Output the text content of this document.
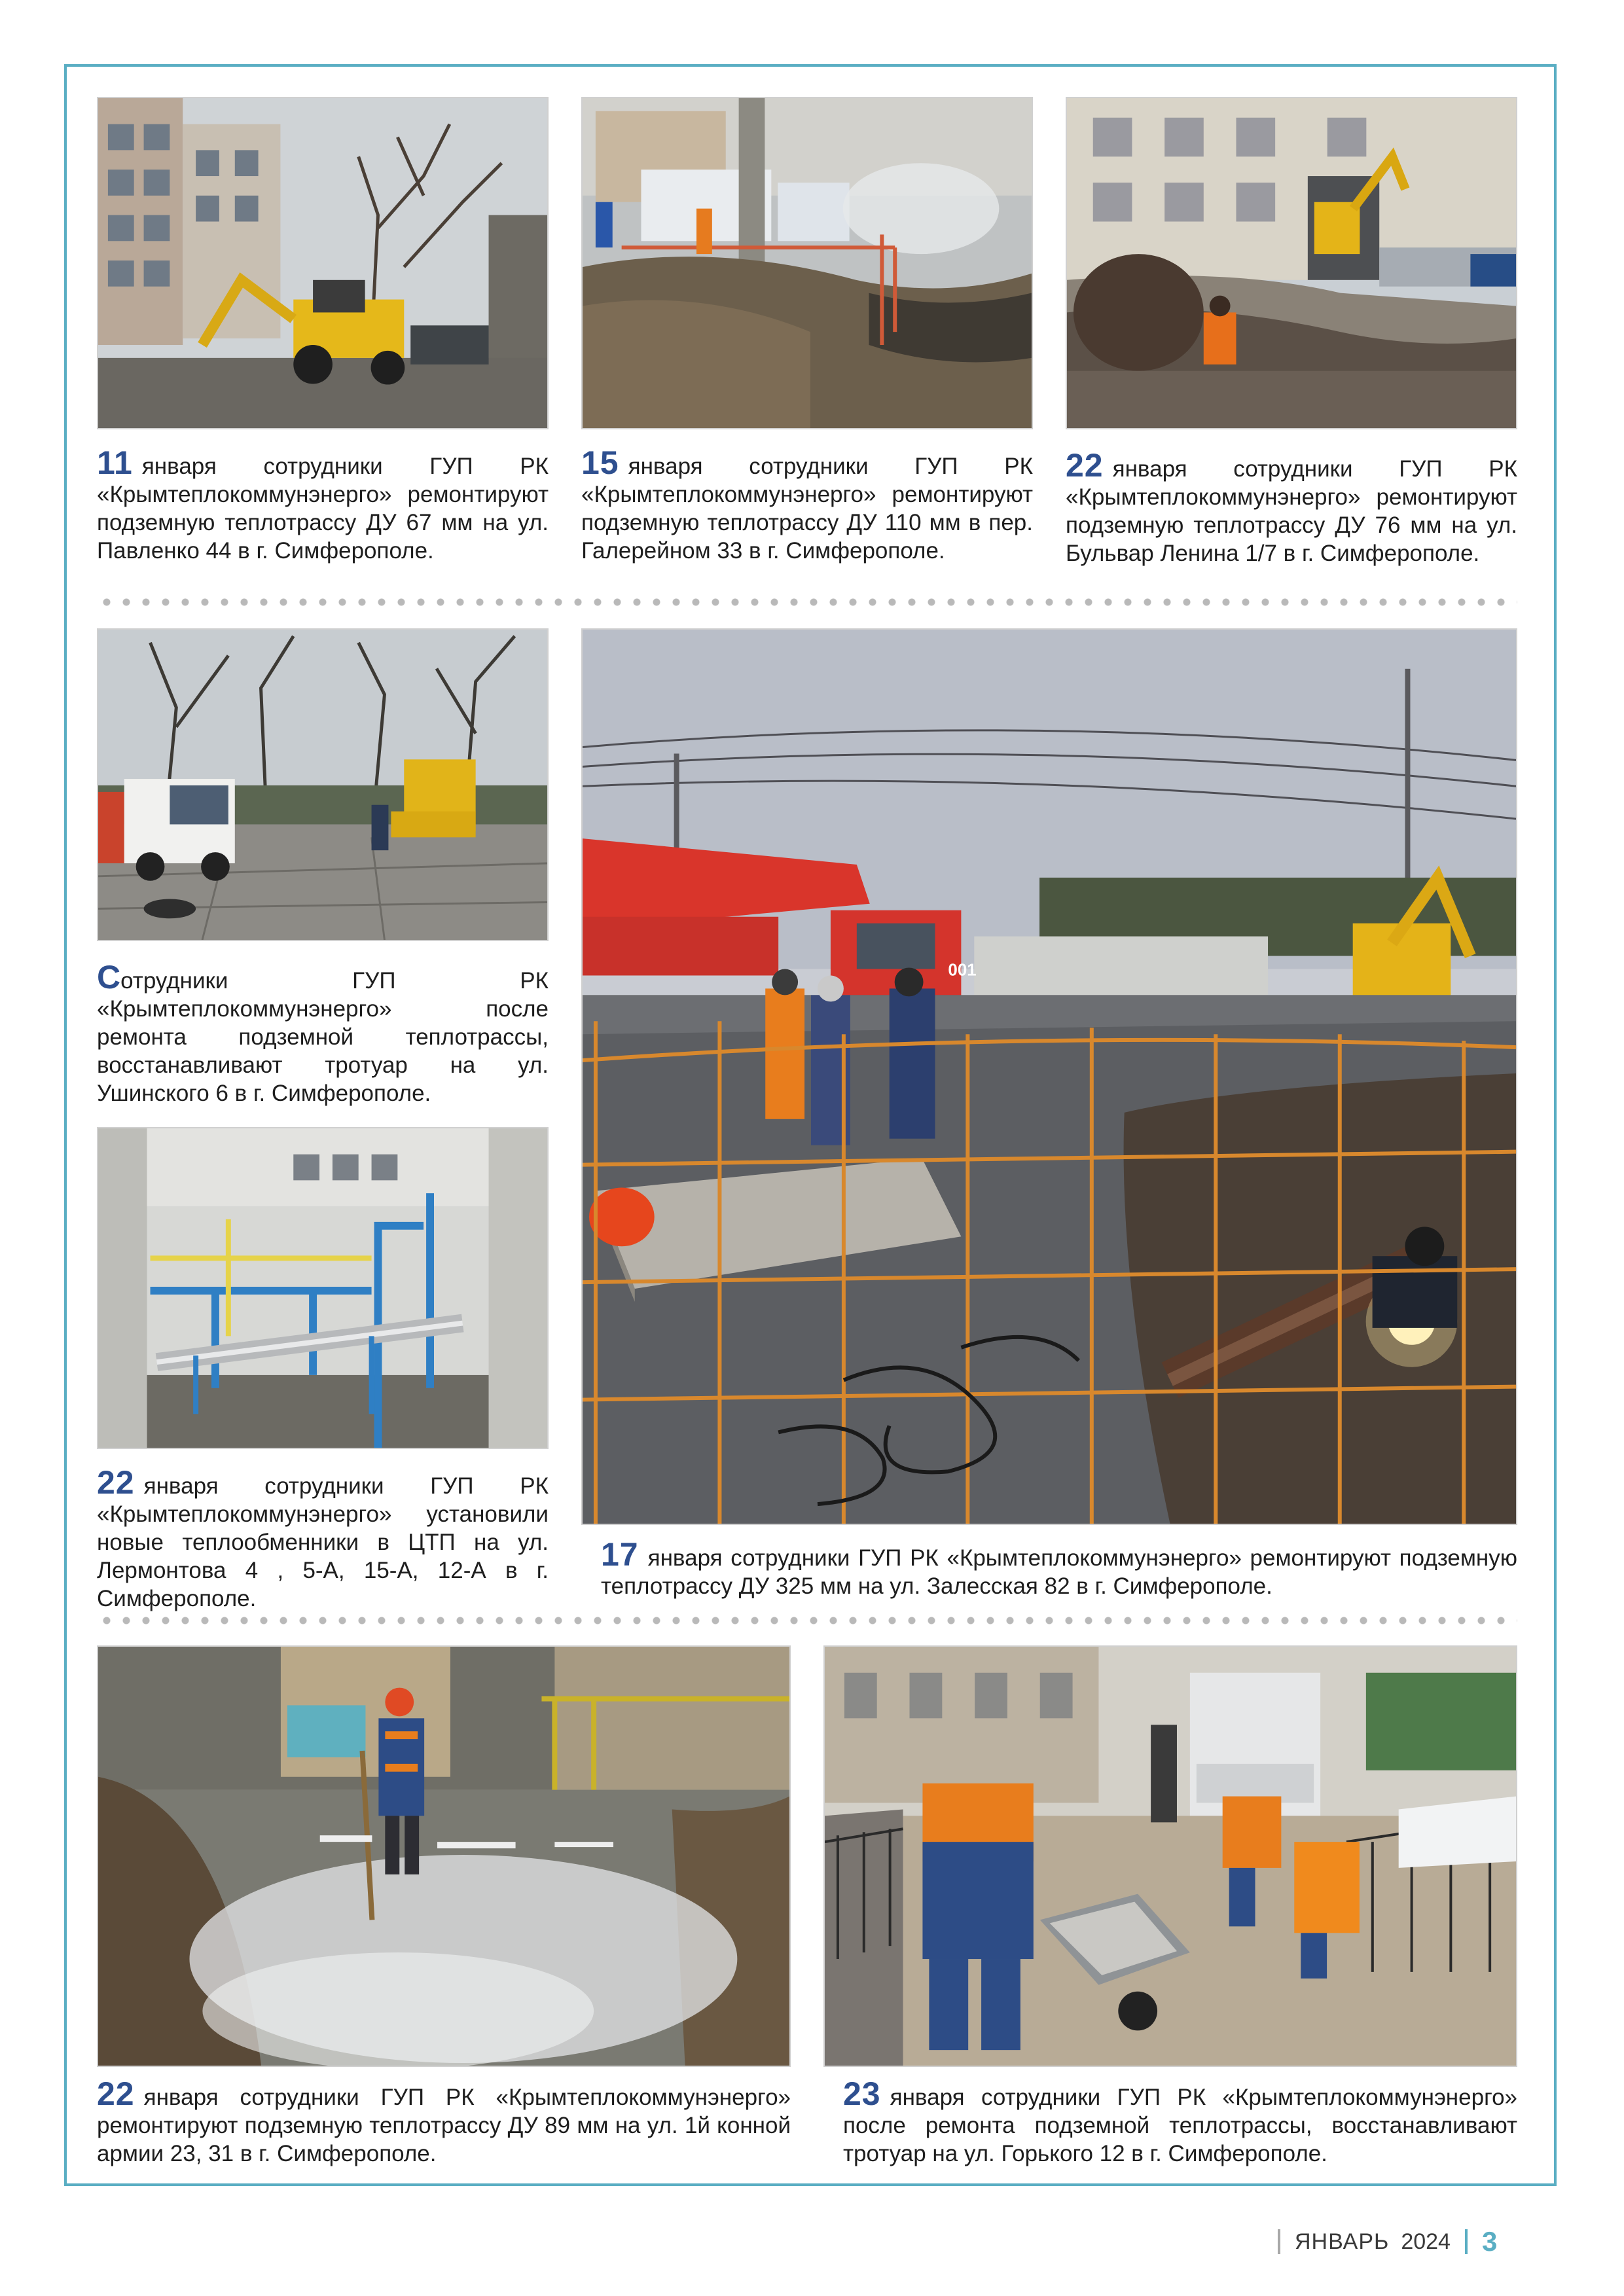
11 января сотрудники ГУП РК «Крымтеплокоммунэнерго» ремонтируют подземную теплотрассу ДУ 67 мм на ул. Павленко 44 в г. Симферополе.

15 января сотрудники ГУП РК «Крымтеплокоммунэнерго» ремонтируют подземную теплотрассу ДУ 110 мм в пер. Галерейном 33 в г. Симферополе.

22 января сотрудники ГУП РК «Крымтеплокоммунэнерго» ремонтируют подземную теплотрассу ДУ 76 мм на ул. Бульвар Ленина 1/7 в г. Симферополе.

Сотрудники ГУП РК «Крымтеплокоммунэнерго» после ремонта подземной теплотрассы, восстанавливают тротуар на ул. Ушинского 6 в г. Симферополе.

22 января сотрудники ГУП РК «Крымтеплокоммунэнерго» установили новые теплообменники в ЦТП на ул. Лермонтова 4 , 5-А, 15-А, 12-А в г. Симферополе.

001

17 января сотрудники ГУП РК «Крымтеплокоммунэнерго» ремонтируют подземную теплотрассу ДУ 325 мм на ул. Залесская 82 в г. Симферополе.

22 января сотрудники ГУП РК «Крымтеплокоммунэнерго» ремонтируют подземную теплотрассу ДУ 89 мм на ул. 1й конной армии 23, 31 в г. Симферополе.

23 января сотрудники ГУП РК «Крымтеплокоммунэнерго» после ремонта подземной теплотрассы, восстанавливают тротуар на ул. Горького 12 в г. Симферополе.

ЯНВАРЬ 2024 3
